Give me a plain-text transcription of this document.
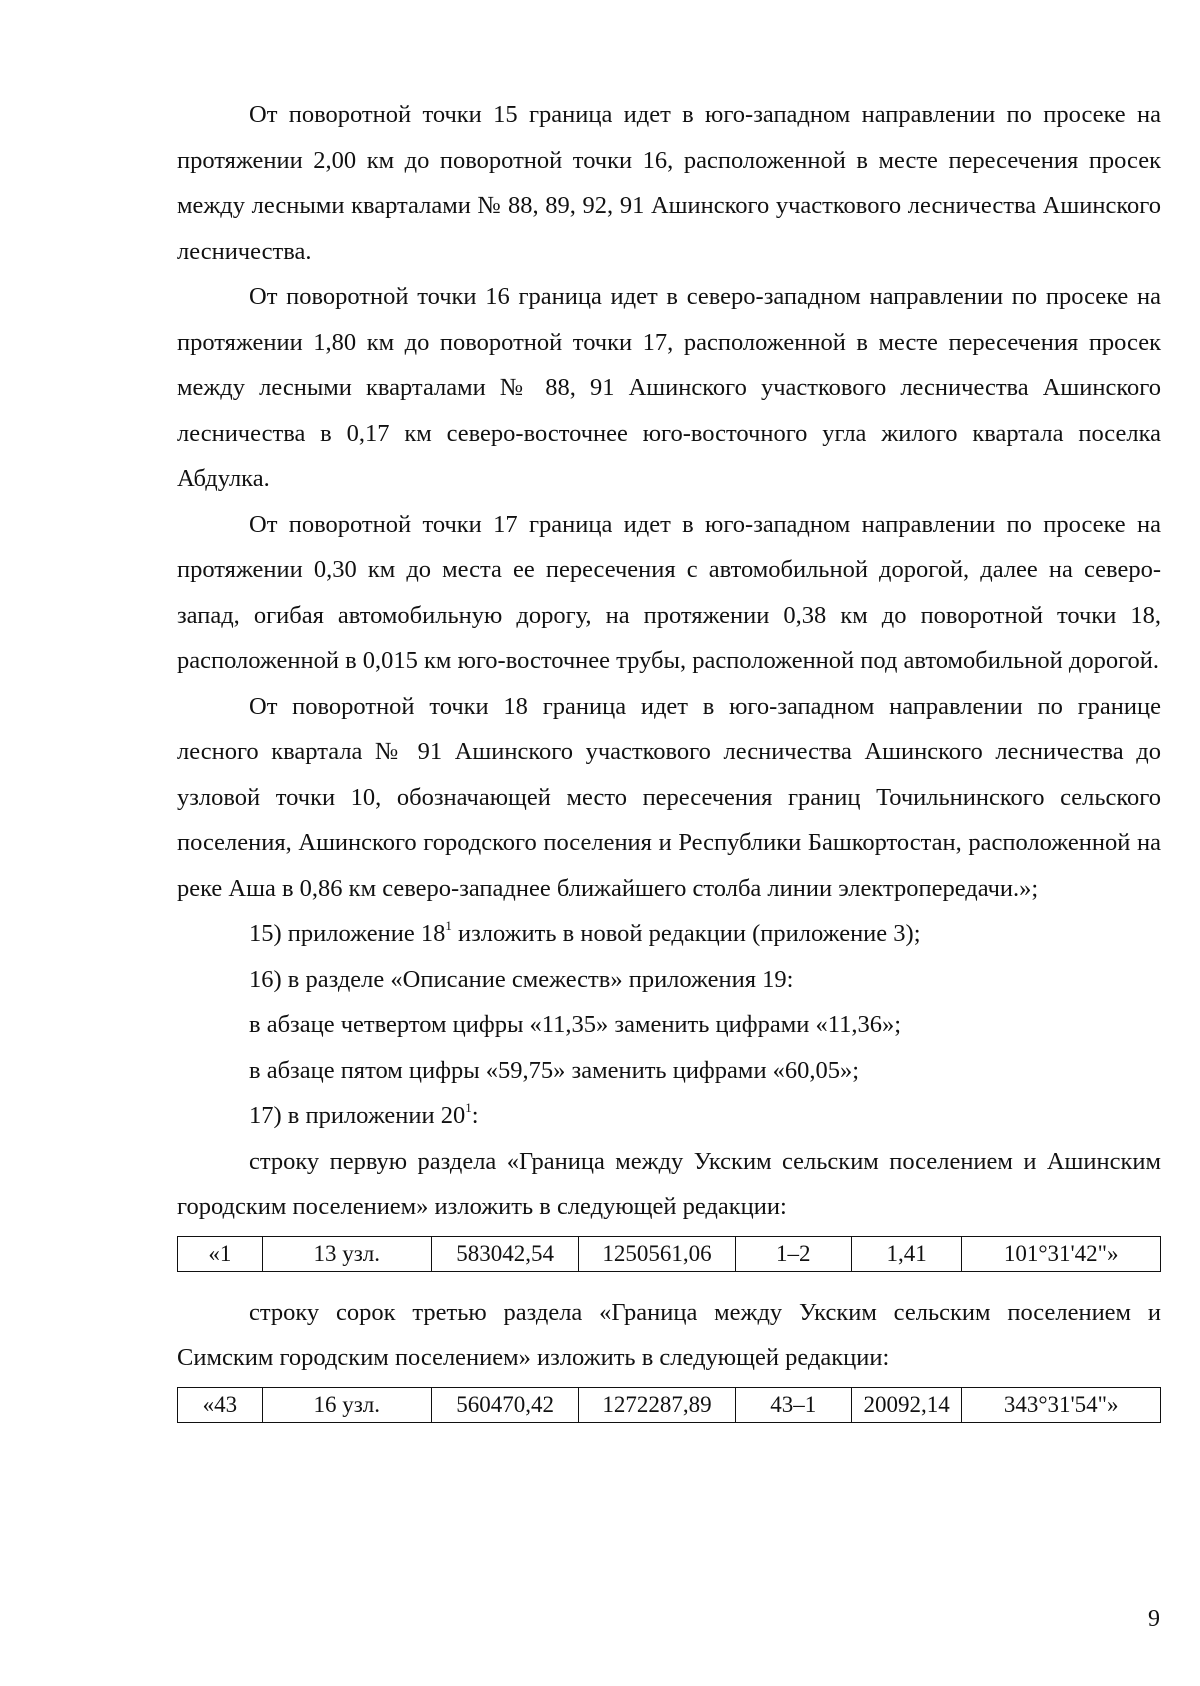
От поворотной точки 15 граница идет в юго-западном направлении по просеке на протяжении 2,00 км до поворотной точки 16, расположенной в месте пересечения просек между лесными кварталами № 88, 89, 92, 91 Ашинского участкового лесничества Ашинского лесничества.

От поворотной точки 16 граница идет в северо-западном направлении по просеке на протяжении 1,80 км до поворотной точки 17, расположенной в месте пересечения просек между лесными кварталами № 88, 91 Ашинского участкового лесничества Ашинского лесничества в 0,17 км северо-восточнее юго-восточного угла жилого квартала поселка Абдулка.

От поворотной точки 17 граница идет в юго-западном направлении по просеке на протяжении 0,30 км до места ее пересечения с автомобильной дорогой, далее на северо-запад, огибая автомобильную дорогу, на протяжении 0,38 км до поворотной точки 18, расположенной в 0,015 км юго-восточнее трубы, расположенной под автомобильной дорогой.

От поворотной точки 18 граница идет в юго-западном направлении по границе лесного квартала № 91 Ашинского участкового лесничества Ашинского лесничества до узловой точки 10, обозначающей место пересечения границ Точильнинского сельского поселения, Ашинского городского поселения и Республики Башкортостан, расположенной на реке Аша в 0,86 км северо-западнее ближайшего столба линии электропередачи.»;

15) приложение $18^1$ изложить в новой редакции (приложение 3);

16) в разделе «Описание смежеств» приложения 19:

в абзаце четвертом цифры «11,35» заменить цифрами «11,36»;

в абзаце пятом цифры «59,75» заменить цифрами «60,05»;

17) в приложении $20^1$:

строку первую раздела «Граница между Укским сельским поселением и Ашинским городским поселением» изложить в следующей редакции:

«1	13 узл.	583042,54	1250561,06	1–2	1,41	101°31'42"»

строку сорок третью раздела «Граница между Укским сельским поселением и Симским городским поселением» изложить в следующей редакции:

«43	16 узл.	560470,42	1272287,89	43–1	20092,14	343°31'54"»
9
